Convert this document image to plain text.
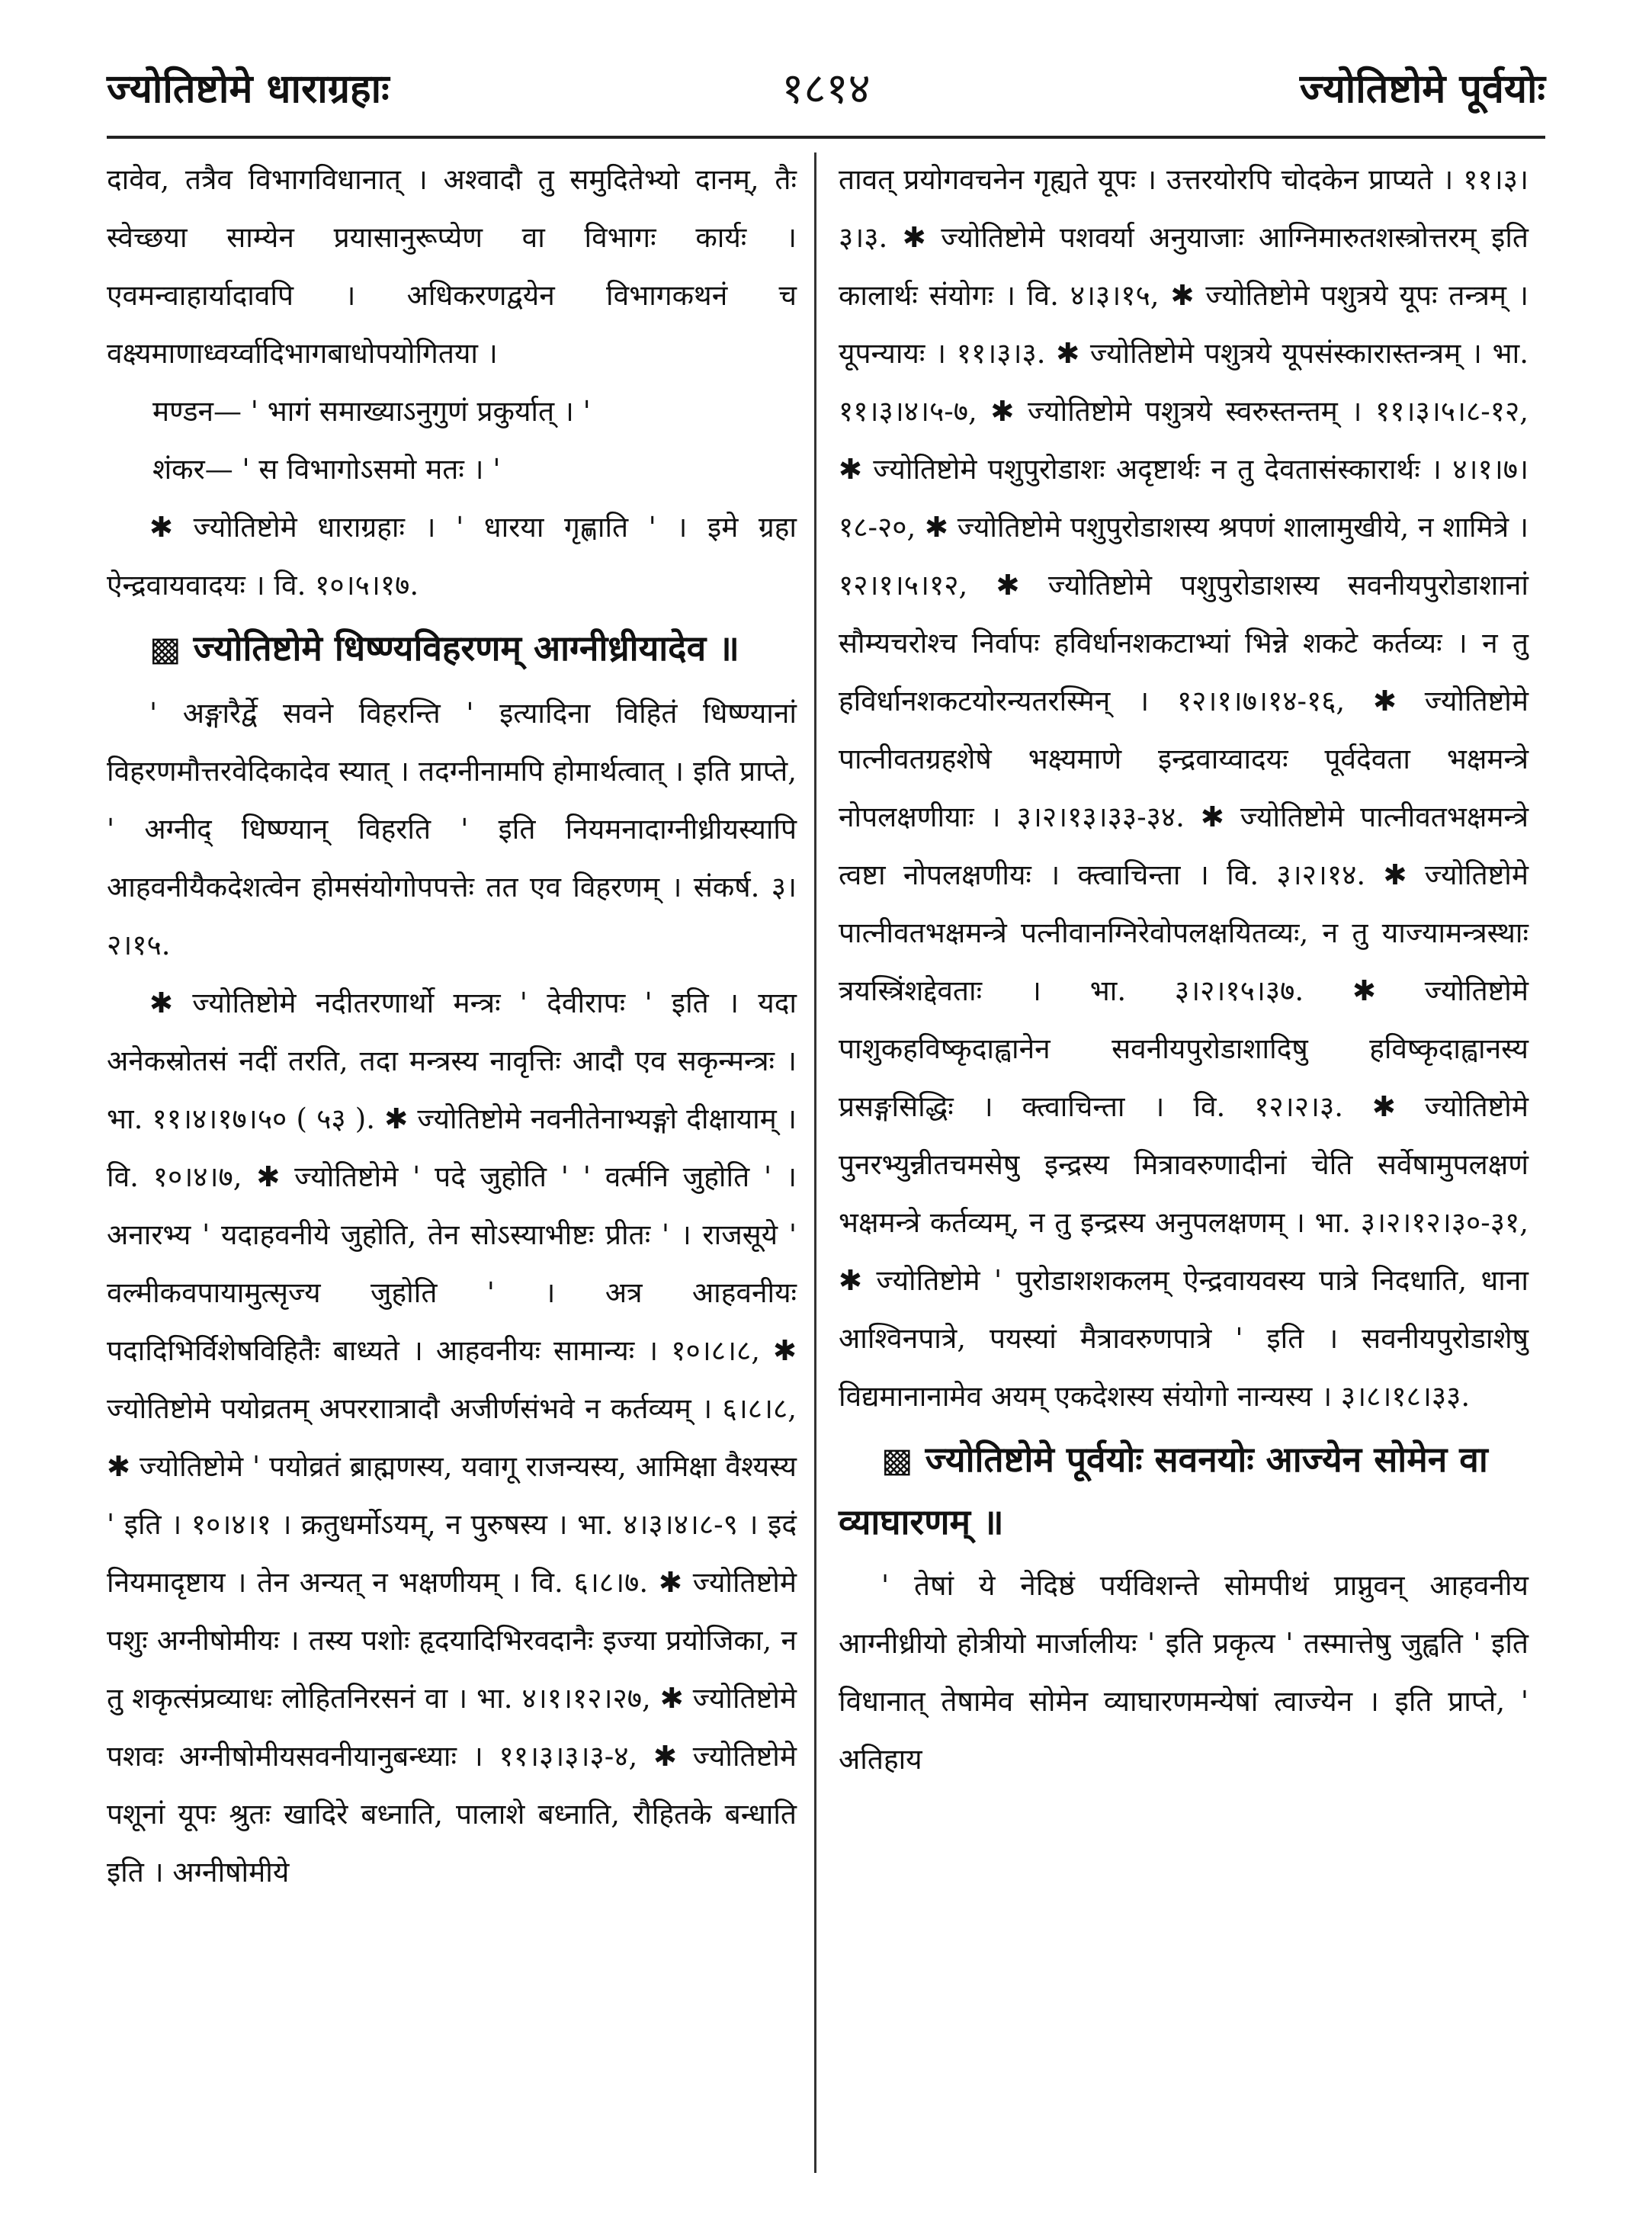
ज्योतिष्टोमे धाराग्रहाः	१८१४	ज्योतिष्टोमे पूर्वयोः

दावेव, तत्रैव विभागविधानात् । अश्वादौ तु समुदितेभ्यो दानम्, तैः स्वेच्छया साम्येन प्रयासानुरूप्येण वा विभागः कार्यः । एवमन्वाहार्यादावपि । अधिकरणद्वयेन विभागकथनं च वक्ष्यमाणाध्वर्य्वादिभागबाधोपयोगितया ।

मण्डन— ' भागं समाख्याऽनुगुणं प्रकुर्यात् । '

शंकर— ' स विभागोऽसमो मतः । '

✱ ज्योतिष्टोमे धाराग्रहाः । ' धारया गृह्णाति ' । इमे ग्रहा ऐन्द्रवायवादयः । वि. १०।५।१७.

▩ ज्योतिष्टोमे धिष्ण्यविहरणम् आग्नीध्रीयादेव ॥

' अङ्गारैर्द्वे सवने विहरन्ति ' इत्यादिना विहितं धिष्ण्यानां विहरणमौत्तरवेदिकादेव स्यात् । तदग्नीनामपि होमार्थत्वात् । इति प्राप्ते, ' अग्नीद् धिष्ण्यान् विहरति ' इति नियमनादाग्नीध्रीयस्यापि आहवनीयैकदेशत्वेन होमसंयोगोपपत्तेः तत एव विहरणम् । संकर्ष. ३।२।१५.

✱ ज्योतिष्टोमे नदीतरणार्थो मन्त्रः ' देवीरापः ' इति । यदा अनेकस्रोतसं नदीं तरति, तदा मन्त्रस्य नावृत्तिः आदौ एव सकृन्मन्त्रः । भा. ११।४।१७।५० ( ५३ ). ✱ ज्योतिष्टोमे नवनीतेनाभ्यङ्गो दीक्षायाम् । वि. १०।४।७, ✱ ज्योतिष्टोमे ' पदे जुहोति ' ' वर्त्मनि जुहोति ' । अनारभ्य ' यदाहवनीये जुहोति, तेन सोऽस्याभीष्टः प्रीतः ' । राजसूये ' वल्मीकवपायामुत्सृज्य जुहोति ' । अत्र आहवनीयः पदादिभिर्विशेषविहितैः बाध्यते । आहवनीयः सामान्यः । १०।८।८, ✱ ज्योतिष्टोमे पयोव्रतम् अपरराात्रादौ अजीर्णसंभवे न कर्तव्यम् । ६।८।८, ✱ ज्योतिष्टोमे ' पयोव्रतं ब्राह्मणस्य, यवागू राजन्यस्य, आमिक्षा वैश्यस्य ' इति । १०।४।१ । क्रतुधर्मोऽयम्, न पुरुषस्य । भा. ४।३।४।८-९ । इदं नियमादृष्टाय । तेन अन्यत् न भक्षणीयम् । वि. ६।८।७. ✱ ज्योतिष्टोमे पशुः अग्नीषोमीयः । तस्य पशोः हृदयादिभिरवदानैः इज्या प्रयोजिका, न तु शकृत्संप्रव्याधः लोहितनिरसनं वा । भा. ४।१।१२।२७, ✱ ज्योतिष्टोमे पशवः अग्नीषोमीयसवनीयानुबन्ध्याः । ११।३।३।३-४, ✱ ज्योतिष्टोमे पशूनां यूपः श्रुतः खादिरे बध्नाति, पालाशे बध्नाति, रौहितके बन्धाति इति । अग्नीषोमीये

तावत् प्रयोगवचनेन गृह्यते यूपः । उत्तरयोरपि चोदकेन प्राप्यते । ११।३।३।३. ✱ ज्योतिष्टोमे पशवर्या अनुयाजाः आग्निमारुतशस्त्रोत्तरम् इति कालार्थः संयोगः । वि. ४।३।१५, ✱ ज्योतिष्टोमे पशुत्रये यूपः तन्त्रम् । यूपन्यायः । ११।३।३. ✱ ज्योतिष्टोमे पशुत्रये यूपसंस्कारास्तन्त्रम् । भा. ११।३।४।५-७, ✱ ज्योतिष्टोमे पशुत्रये स्वरुस्तन्तम् । ११।३।५।८-१२, ✱ ज्योतिष्टोमे पशुपुरोडाशः अदृष्टार्थः न तु देवतासंस्कारार्थः । ४।१।७।१८-२०, ✱ ज्योतिष्टोमे पशुपुरोडाशस्य श्रपणं शालामुखीये, न शामित्रे । १२।१।५।१२, ✱ ज्योतिष्टोमे पशुपुरोडाशस्य सवनीयपुरोडाशानां सौम्यचरोश्च निर्वापः हविर्धानशकटाभ्यां भिन्ने शकटे कर्तव्यः । न तु हविर्धानशकटयोरन्यतरस्मिन् । १२।१।७।१४-१६, ✱ ज्योतिष्टोमे पात्नीवतग्रहशेषे भक्ष्यमाणे इन्द्रवाय्वादयः पूर्वदेवता भक्षमन्त्रे नोपलक्षणीयाः । ३।२।१३।३३-३४. ✱ ज्योतिष्टोमे पात्नीवतभक्षमन्त्रे त्वष्टा नोपलक्षणीयः । क्त्वाचिन्ता । वि. ३।२।१४. ✱ ज्योतिष्टोमे पात्नीवतभक्षमन्त्रे पत्नीवानग्निरेवोपलक्षयितव्यः, न तु याज्यामन्त्रस्थाः त्रयस्त्रिंशद्देवताः । भा. ३।२।१५।३७. ✱ ज्योतिष्टोमे पाशुकहविष्कृदाह्वानेन सवनीयपुरोडाशादिषु हविष्कृदाह्वानस्य प्रसङ्गसिद्धिः । क्त्वाचिन्ता । वि. १२।२।३. ✱ ज्योतिष्टोमे पुनरभ्युन्नीतचमसेषु इन्द्रस्य मित्रावरुणादीनां चेति सर्वेषामुपलक्षणं भक्षमन्त्रे कर्तव्यम्, न तु इन्द्रस्य अनुपलक्षणम् । भा. ३।२।१२।३०-३१, ✱ ज्योतिष्टोमे ' पुरोडाशशकलम् ऐन्द्रवायवस्य पात्रे निदधाति, धाना आश्विनपात्रे, पयस्यां मैत्रावरुणपात्रे ' इति । सवनीयपुरोडाशेषु विद्यमानानामेव अयम् एकदेशस्य संयोगो नान्यस्य । ३।८।१८।३३.

▩ ज्योतिष्टोमे पूर्वयोः सवनयोः आज्येन सोमेन वा व्याघारणम् ॥

' तेषां ये नेदिष्ठं पर्यविशन्ते सोमपीथं प्राप्नुवन् आहवनीय आग्नीध्रीयो होत्रीयो मार्जालीयः ' इति प्रकृत्य ' तस्मात्तेषु जुह्वति ' इति विधानात् तेषामेव सोमेन व्याघारणमन्येषां त्वाज्येन । इति प्राप्ते, ' अतिहाय
